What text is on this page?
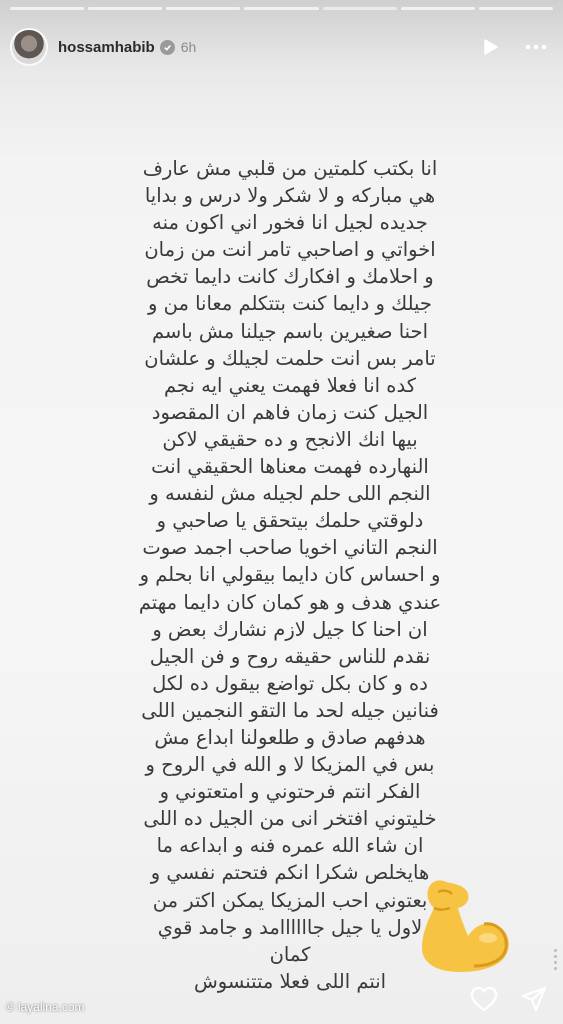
hossamhabib 6h
انا بكتب كلمتين من قلبي مش عارف
هي مباركه و لا شكر ولا درس و بدايا
جديده لجيل انا فخور اني اكون منه
اخواتي و اصاحبي تامر انت من زمان
و احلامك و افكارك كانت دايما تخص
جيلك و دايما كنت بتتكلم معانا من و
احنا صغيرين باسم جيلنا مش باسم
تامر بس انت حلمت لجيلك و علشان
كده انا فعلا فهمت يعني ايه نجم
الجيل كنت زمان فاهم ان المقصود
بيها انك الانجح و ده حقيقي لاكن
النهارده فهمت معناها الحقيقي انت
النجم اللى حلم لجيله مش لنفسه و
دلوقتي حلمك بيتحقق يا صاحبي و
النجم التاني اخويا صاحب اجمد صوت
و احساس كان دايما بيقولي انا بحلم و
عندي هدف و هو كمان كان دايما مهتم
ان احنا كا جيل لازم نشارك بعض و
نقدم للناس حقيقه روح و فن الجيل
ده و كان بكل تواضع بيقول ده لكل
فنانين جيله لحد ما التقو النجمين اللى
هدفهم صادق و طلعولنا ابداع مش
بس في المزيكا لا و الله في الروح و
الفكر انتم فرحتوني و امتعتوني و
خليتوني افتخر انى من الجيل ده اللى
ان شاء الله عمره فنه و ابداعه ما
هايخلص شكرا انكم فتحتم نفسي و
بعتوني احب المزيكا يمكن اكتر من
لاول يا جيل جاااااامد و جامد قوي
كمان
انتم اللى فعلا متتنسوش
© layalina.com
